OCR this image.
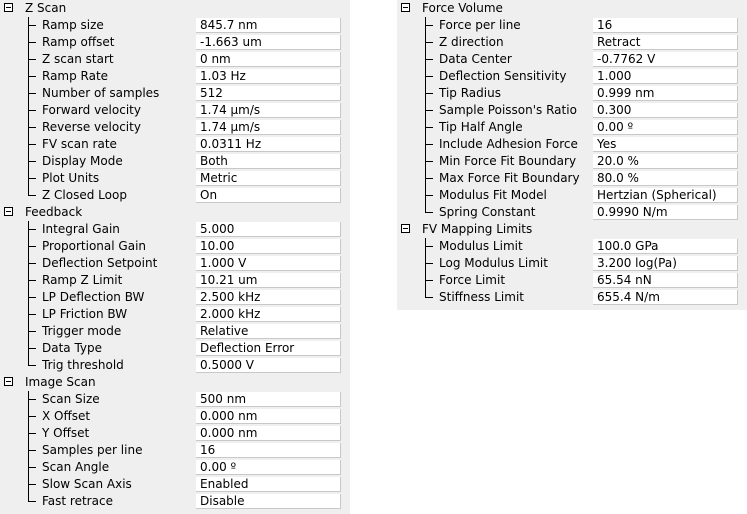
Z Scan
Ramp size	845.7 nm
Ramp offset	-1.663 um
Z scan start	0 nm
Ramp Rate	1.03 Hz
Number of samples	512
Forward velocity	1.74 μm/s
Reverse velocity	1.74 μm/s
FV scan rate	0.0311 Hz
Display Mode	Both
Plot Units	Metric
Z Closed Loop	On
Feedback
Integral Gain	5.000
Proportional Gain	10.00
Deflection Setpoint	1.000 V
Ramp Z Limit	10.21 um
LP Deflection BW	2.500 kHz
LP Friction BW	2.000 kHz
Trigger mode	Relative
Data Type	Deflection Error
Trig threshold	0.5000 V
Image Scan
Scan Size	500 nm
X Offset	0.000 nm
Y Offset	0.000 nm
Samples per line	16
Scan Angle	0.00 º
Slow Scan Axis	Enabled
Fast retrace	Disable
Force Volume
Force per line	16
Z direction	Retract
Data Center	-0.7762 V
Deflection Sensitivity	1.000
Tip Radius	0.999 nm
Sample Poisson's Ratio	0.300
Tip Half Angle	0.00 º
Include Adhesion Force	Yes
Min Force Fit Boundary	20.0 %
Max Force Fit Boundary	80.0 %
Modulus Fit Model	Hertzian (Spherical)
Spring Constant	0.9990 N/m
FV Mapping Limits
Modulus Limit	100.0 GPa
Log Modulus Limit	3.200 log(Pa)
Force Limit	65.54 nN
Stiffness Limit	655.4 N/m
